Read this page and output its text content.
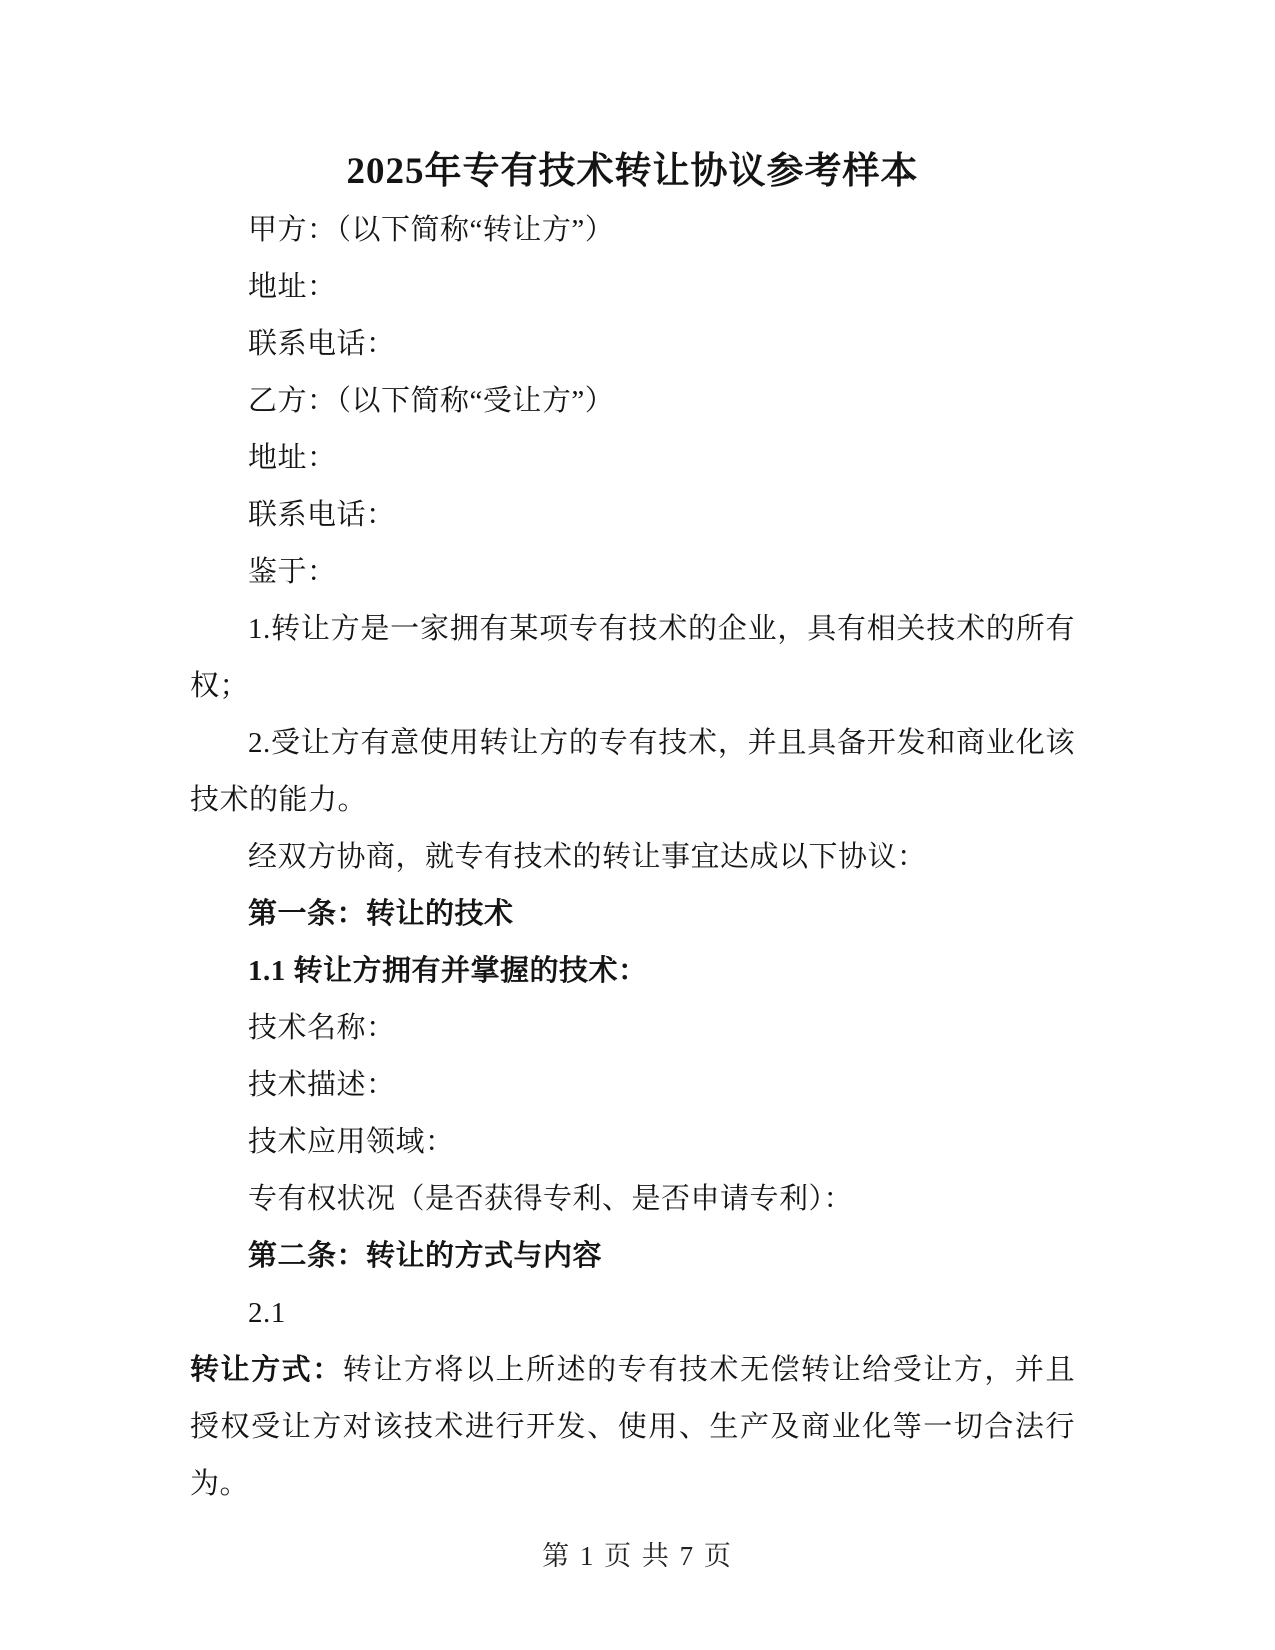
2025年专有技术转让协议参考样本

甲方：（以下简称“转让方”）

地址：

联系电话：

乙方：（以下简称“受让方”）

地址：

联系电话：

鉴于：

1.转让方是一家拥有某项专有技术的企业，具有相关技术的所有权；

2.受让方有意使用转让方的专有技术，并且具备开发和商业化该技术的能力。

经双方协商，就专有技术的转让事宜达成以下协议：

第一条：转让的技术

1.1 转让方拥有并掌握的技术：

技术名称：

技术描述：

技术应用领域：

专有权状况（是否获得专利、是否申请专利）：

第二条：转让的方式与内容

2.1

转让方式：转让方将以上所述的专有技术无偿转让给受让方，并且授权受让方对该技术进行开发、使用、生产及商业化等一切合法行为。

第 1 页 共 7 页
